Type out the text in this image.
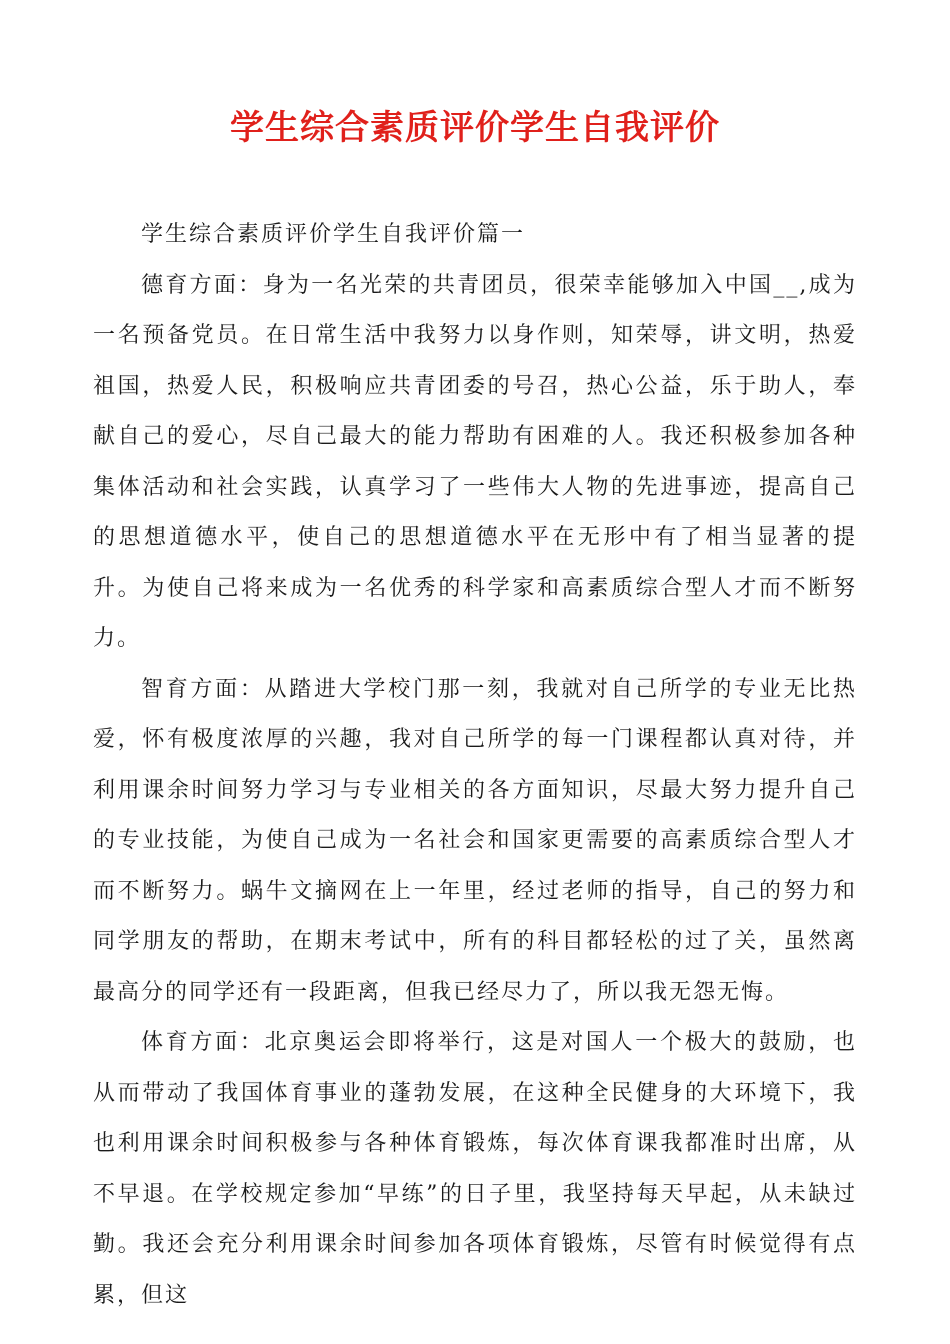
学生综合素质评价学生自我评价

学生综合素质评价学生自我评价篇一

德育方面：身为一名光荣的共青团员，很荣幸能够加入中国__,成为一名预备党员。在日常生活中我努力以身作则，知荣辱，讲文明，热爱祖国，热爱人民，积极响应共青团委的号召，热心公益，乐于助人，奉献自己的爱心，尽自己最大的能力帮助有困难的人。我还积极参加各种集体活动和社会实践，认真学习了一些伟大人物的先进事迹，提高自己的思想道德水平，使自己的思想道德水平在无形中有了相当显著的提升。为使自己将来成为一名优秀的科学家和高素质综合型人才而不断努力。

智育方面：从踏进大学校门那一刻，我就对自己所学的专业无比热爱，怀有极度浓厚的兴趣，我对自己所学的每一门课程都认真对待，并利用课余时间努力学习与专业相关的各方面知识，尽最大努力提升自己的专业技能，为使自己成为一名社会和国家更需要的高素质综合型人才而不断努力。蜗牛文摘网在上一年里，经过老师的指导，自己的努力和同学朋友的帮助，在期末考试中，所有的科目都轻松的过了关，虽然离最高分的同学还有一段距离，但我已经尽力了，所以我无怨无悔。

体育方面：北京奥运会即将举行，这是对国人一个极大的鼓励，也从而带动了我国体育事业的蓬勃发展，在这种全民健身的大环境下，我也利用课余时间积极参与各种体育锻炼，每次体育课我都准时出席，从不早退。在学校规定参加“早练”的日子里，我坚持每天早起，从未缺过勤。我还会充分利用课余时间参加各项体育锻炼，尽管有时候觉得有点累，但这
